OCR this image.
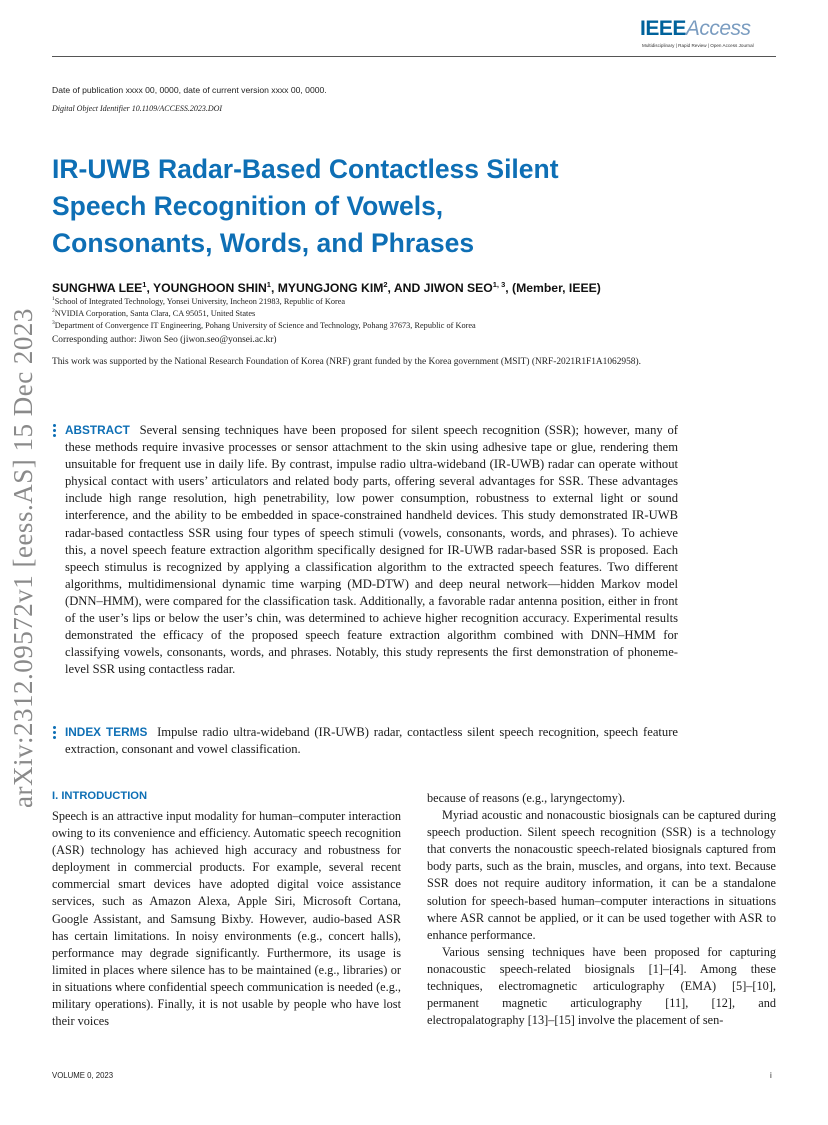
IEEEAccess
Multidisciplinary | Rapid Review | Open Access Journal
Date of publication xxxx 00, 0000, date of current version xxxx 00, 0000.
Digital Object Identifier 10.1109/ACCESS.2023.DOI
arXiv:2312.09572v1 [eess.AS] 15 Dec 2023
IR-UWB Radar-Based Contactless Silent
Speech Recognition of Vowels,
Consonants, Words, and Phrases
SUNGHWA LEE$^1$, YOUNGHOON SHIN$^1$, MYUNGJONG KIM$^2$, AND JIWON SEO$^{1, 3}$, (Member, IEEE)
$^1$School of Integrated Technology, Yonsei University, Incheon 21983, Republic of Korea
$^2$NVIDIA Corporation, Santa Clara, CA 95051, United States
$^3$Department of Convergence IT Engineering, Pohang University of Science and Technology, Pohang 37673, Republic of Korea
Corresponding author: Jiwon Seo (jiwon.seo@yonsei.ac.kr)
This work was supported by the National Research Foundation of Korea (NRF) grant funded by the Korea government (MSIT) (NRF-2021R1F1A1062958).
ABSTRACT Several sensing techniques have been proposed for silent speech recognition (SSR); however, many of these methods require invasive processes or sensor attachment to the skin using adhesive tape or glue, rendering them unsuitable for frequent use in daily life. By contrast, impulse radio ultra-wideband (IR-UWB) radar can operate without physical contact with users’ articulators and related body parts, offering several advantages for SSR. These advantages include high range resolution, high penetrability, low power consumption, robustness to external light or sound interference, and the ability to be embedded in space-constrained handheld devices. This study demonstrated IR-UWB radar-based contactless SSR using four types of speech stimuli (vowels, consonants, words, and phrases). To achieve this, a novel speech feature extraction algorithm specifically designed for IR-UWB radar-based SSR is proposed. Each speech stimulus is recognized by applying a classification algorithm to the extracted speech features. Two different algorithms, multidimensional dynamic time warping (MD-DTW) and deep neural network—hidden Markov model (DNN–HMM), were compared for the classification task. Additionally, a favorable radar antenna position, either in front of the user’s lips or below the user’s chin, was determined to achieve higher recognition accuracy. Experimental results demonstrated the efficacy of the proposed speech feature extraction algorithm combined with DNN–HMM for classifying vowels, consonants, words, and phrases. Notably, this study represents the first demonstration of phoneme-level SSR using contactless radar.
INDEX TERMS Impulse radio ultra-wideband (IR-UWB) radar, contactless silent speech recognition, speech feature extraction, consonant and vowel classification.
I. INTRODUCTION

Speech is an attractive input modality for human–computer interaction owing to its convenience and efficiency. Automatic speech recognition (ASR) technology has achieved high accuracy and robustness for deployment in commercial products. For example, several recent commercial smart devices have adopted digital voice assistance services, such as Amazon Alexa, Apple Siri, Microsoft Cortana, Google Assistant, and Samsung Bixby. However, audio-based ASR has certain limitations. In noisy environments (e.g., concert halls), performance may degrade significantly. Furthermore, its usage is limited in places where silence has to be maintained (e.g., libraries) or in situations where confidential speech communication is needed (e.g., military operations). Finally, it is not usable by people who have lost their voices

because of reasons (e.g., laryngectomy).

Myriad acoustic and nonacoustic biosignals can be captured during speech production. Silent speech recognition (SSR) is a technology that converts the nonacoustic speech-related biosignals captured from body parts, such as the brain, muscles, and organs, into text. Because SSR does not require auditory information, it can be a standalone solution for speech-based human–computer interactions in situations where ASR cannot be applied, or it can be used together with ASR to enhance performance.

Various sensing techniques have been proposed for capturing nonacoustic speech-related biosignals [1]–[4]. Among these techniques, electromagnetic articulography (EMA) [5]–[10], permanent magnetic articulography [11], [12], and electropalatography [13]–[15] involve the placement of sen-

VOLUME 0, 2023	i
